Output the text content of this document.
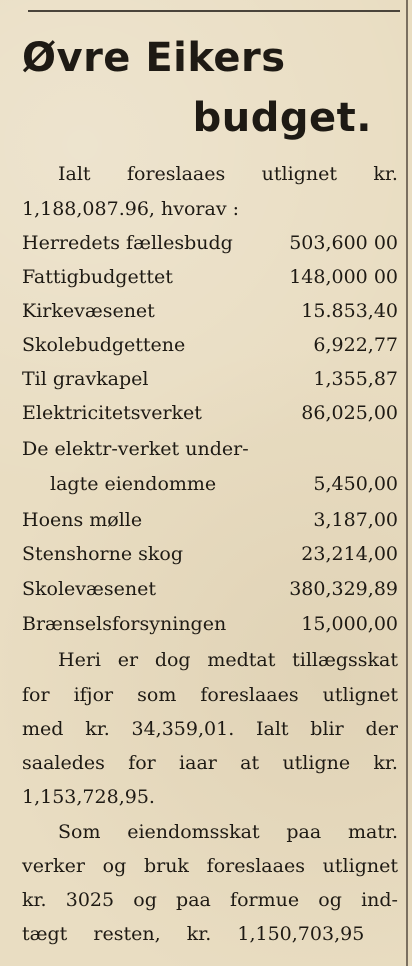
Øvre Eikers
budget.
Ialt foreslaaes utlignet kr.
1,188,087.96, hvorav :
Herredets fællesbudg	503,600 00
Fattigbudgettet	148,000 00
Kirkevæsenet	15.853,40
Skolebudgettene	6,922,77
Til gravkapel	1,355,87
Elektricitetsverket	86,025,00
De elektr-verket under-
lagte eiendomme	5,450,00
Hoens mølle	3,187,00
Stenshorne skog	23,214,00
Skolevæsenet	380,329,89
Brænselsforsyningen	15,000,00
Heri er dog medtat tillægsskat
for ifjor som foreslaaes utlignet
med kr. 34,359,01. Ialt blir der
saaledes for iaar at utligne kr.
1,153,728,95.
Som eiendomsskat paa matr.
verker og bruk foreslaaes utlignet
kr. 3025 og paa formue og ind-
tægt resten, kr. 1,150,703,95
